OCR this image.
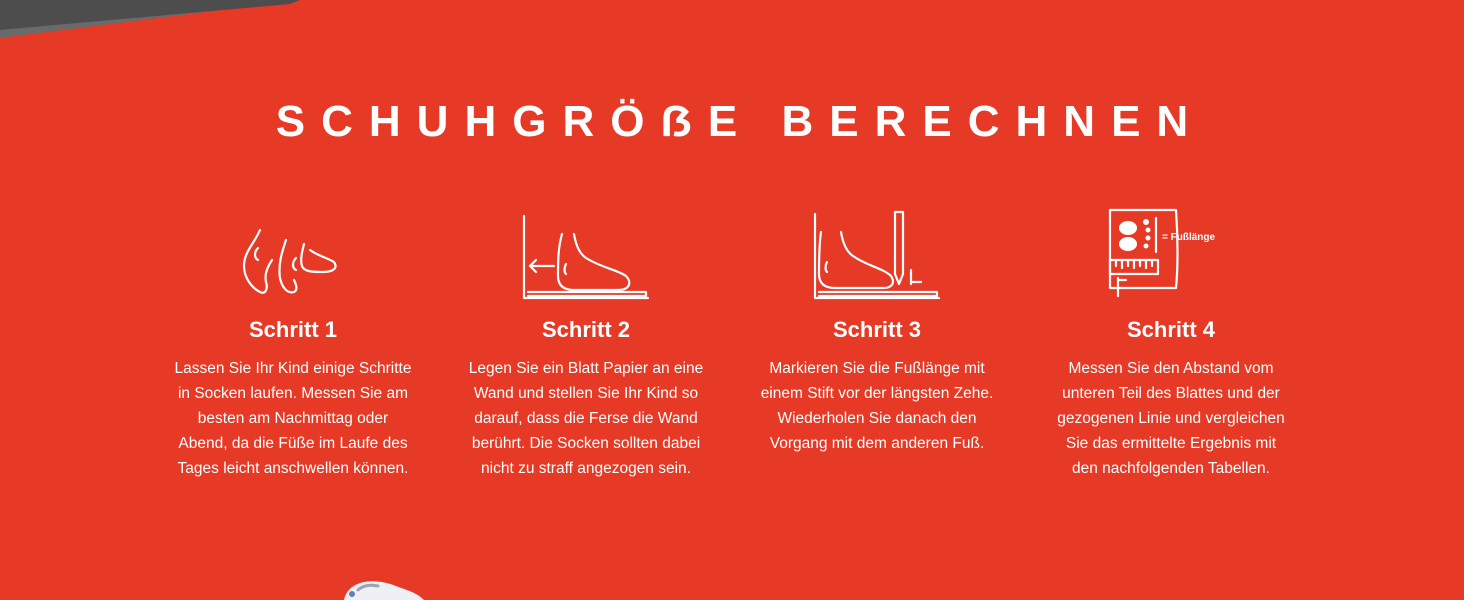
SCHUHGRÖẞE BERECHNEN
Schritt 1

Lassen Sie Ihr Kind einige Schritte in Socken laufen. Messen Sie am besten am Nachmittag oder Abend, da die Füße im Laufe des Tages leicht anschwellen können.

Schritt 2

Legen Sie ein Blatt Papier an eine Wand und stellen Sie Ihr Kind so darauf, dass die Ferse die Wand berührt. Die Socken sollten dabei nicht zu straff angezogen sein.

Schritt 3

Markieren Sie die Fußlänge mit einem Stift vor der längsten Zehe. Wiederholen Sie danach den Vorgang mit dem anderen Fuß.

= Fußlänge
Schritt 4

Messen Sie den Abstand vom unteren Teil des Blattes und der gezogenen Linie und vergleichen Sie das ermittelte Ergebnis mit den nachfolgenden Tabellen.
